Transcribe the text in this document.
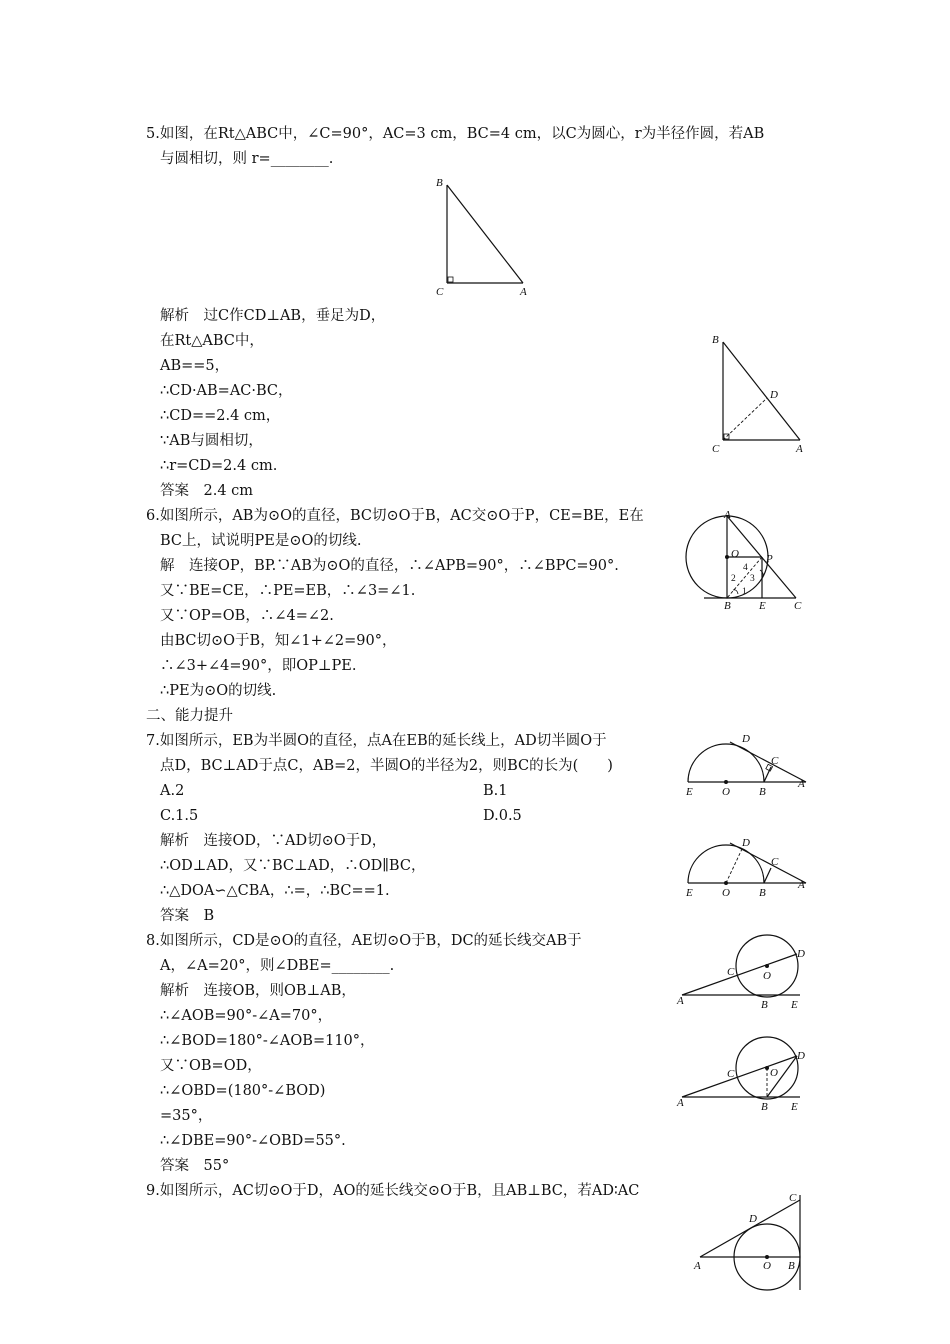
5.如图，在Rt△ABC中，∠C=90°，AC=3 cm，BC=4 cm，以C为圆心，r为半径作圆，若AB
与圆相切，则 r=________.
解析　过C作CD⊥AB，垂足为D，
在Rt△ABC中，
AB==5，
∴CD·AB=AC·BC，
∴CD==2.4 cm，
∵AB与圆相切，
∴r=CD=2.4 cm.
答案　2.4 cm
6.如图所示，AB为⊙O的直径，BC切⊙O于B，AC交⊙O于P，CE=BE，E在
BC上，试说明PE是⊙O的切线.
解　连接OP，BP.∵AB为⊙O的直径，∴∠APB=90°，∴∠BPC=90°.
又∵BE=CE，∴PE=EB，∴∠3=∠1.
又∵OP=OB，∴∠4=∠2.
由BC切⊙O于B，知∠1+∠2=90°，
∴∠3+∠4=90°，即OP⊥PE.
∴PE为⊙O的切线.
二、能力提升
7.如图所示，EB为半圆O的直径，点A在EB的延长线上，AD切半圆O于
点D，BC⊥AD于点C，AB=2，半圆O的半径为2，则BC的长为(　　)
A.2	B.1
C.1.5	D.0.5
解析　连接OD，∵AD切⊙O于D，
∴OD⊥AD，又∵BC⊥AD，∴OD∥BC，
∴△DOA∽△CBA，∴=，∴BC==1.
答案　B
8.如图所示，CD是⊙O的直径，AE切⊙O于B，DC的延长线交AB于
A，∠A=20°，则∠DBE=________.
解析　连接OB，则OB⊥AB，
∴∠AOB=90°-∠A=70°，
∴∠BOD=180°-∠AOB=110°，
又∵OB=OD，
∴∠OBD=(180°-∠BOD)
=35°，
∴∠DBE=90°-∠OBD=55°.
答案　55°
9.如图所示，AC切⊙O于D，AO的延长线交⊙O于B，且AB⊥BC，若AD∶AC
B
C	A
B
C	A
D
A
O P
B	E	C
4
2 3
1
D
C
E	O	B
A
D
C
E	O	B
A
C	O
D
A	B E
C	O
D
A	B E
C
D
A	O B
